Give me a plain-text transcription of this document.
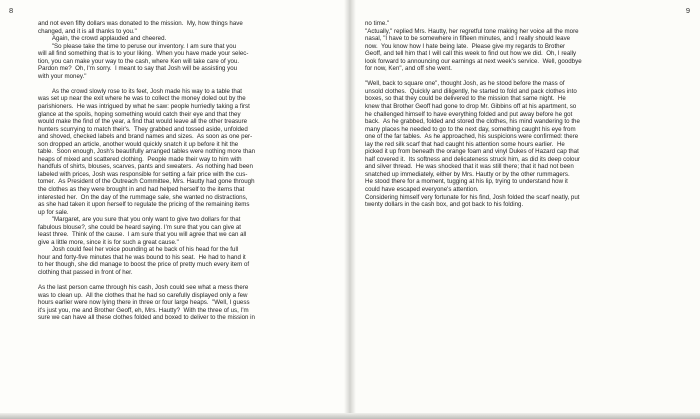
8

and not even fifty dollars was donated to the mission.  My, how things have
changed, and it is all thanks to you."

Again, the crowd applauded and cheered.

"So please take the time to peruse our inventory. I am sure that you
will all find something that is to your liking.  When you have made your selec-
tion, you can make your way to the cash, where Ken will take care of you.
Pardon me?  Oh, I'm sorry.  I meant to say that Josh will be assisting you
with your money."

As the crowd slowly rose to its feet, Josh made his way to a table that
was set up near the exit where he was to collect the money doled out by the
parishioners.  He was intrigued by what he saw: people hurriedly taking a first
glance at the spoils, hoping something would catch their eye and that they
would make the find of the year, a find that would leave all the other treasure
hunters scurrying to match their's.  They grabbed and tossed aside, unfolded
and shoved, checked labels and brand names and sizes.  As soon as one per-
son dropped an article, another would quickly snatch it up before it hit the
table.  Soon enough, Josh's beautifully arranged tables were nothing more than
heaps of mixed and scattered clothing.  People made their way to him with
handfuls of shirts, blouses, scarves, pants and sweaters.  As nothing had been
labeled with prices, Josh was responsible for setting a fair price with the cus-
tomer.  As President of the Outreach Committee, Mrs. Hautty had gone through
the clothes as they were brought in and had helped herself to the items that
interested her.  On the day of the rummage sale, she wanted no distractions,
as she had taken it upon herself to regulate the pricing of the remaining items
up for sale.

"Margaret, are you sure that you only want to give two dollars for that
fabulous blouse?, she could be heard saying. I'm sure that you can give at
least three.  Think of the cause.  I am sure that you will agree that we can all
give a little more, since it is for such a great cause."

Josh could feel her voice pounding at he back of his head for the full
hour and forty-five minutes that he was bound to his seat.  He had to hand it
to her though, she did manage to boost the price of pretty much every item of
clothing that passed in front of her.

As the last person came through his cash, Josh could see what a mess there
was to clean up.  All the clothes that he had so carefully displayed only a few
hours earlier were now lying there in three or four large heaps.  "Well, I guess
it's just you, me and Brother Geoff, eh, Mrs. Hautty?  With the three of us, I'm
sure we can have all these clothes folded and boxed to deliver to the mission in

9

no time."

"Actually," replied Mrs. Hautty, her regretful tone making her voice all the more
nasal, "I have to be somewhere in fifteen minutes, and I really should leave
now.  You know how I hate being late.  Please give my regards to Brother
Geoff, and tell him that I will call this week to find out how we did.  Oh, I really
look forward to announcing our earnings at next week's service.  Well, goodbye
for now, Ken", and off she went.

"Well, back to square one", thought Josh, as he stood before the mass of
unsold clothes.  Quickly and diligently, he started to fold and pack clothes into
boxes, so that they could be delivered to the mission that same night.  He
knew that Brother Geoff had gone to drop Mr. Gibbins off at his apartment, so
he challenged himself to have everything folded and put away before he got
back.  As he grabbed, folded and stored the clothes, his mind wandering to the
many places he needed to go to the next day, something caught his eye from
one of the far tables.  As he approached, his suspicions were confirmed: there
lay the red silk scarf that had caught his attention some hours earlier.  He
picked it up from beneath the orange foam and vinyl Dukes of Hazard cap that
half covered it.  Its softness and delicateness struck him, as did its deep colour
and silver thread.  He was shocked that it was still there; that it had not been
snatched up immediately, either by Mrs. Hautty or by the other rummagers.
He stood there for a moment, tugging at his lip, trying to understand how it
could have escaped everyone's attention.
Considering himself very fortunate for his find, Josh folded the scarf neatly, put
twenty dollars in the cash box, and got back to his folding.
